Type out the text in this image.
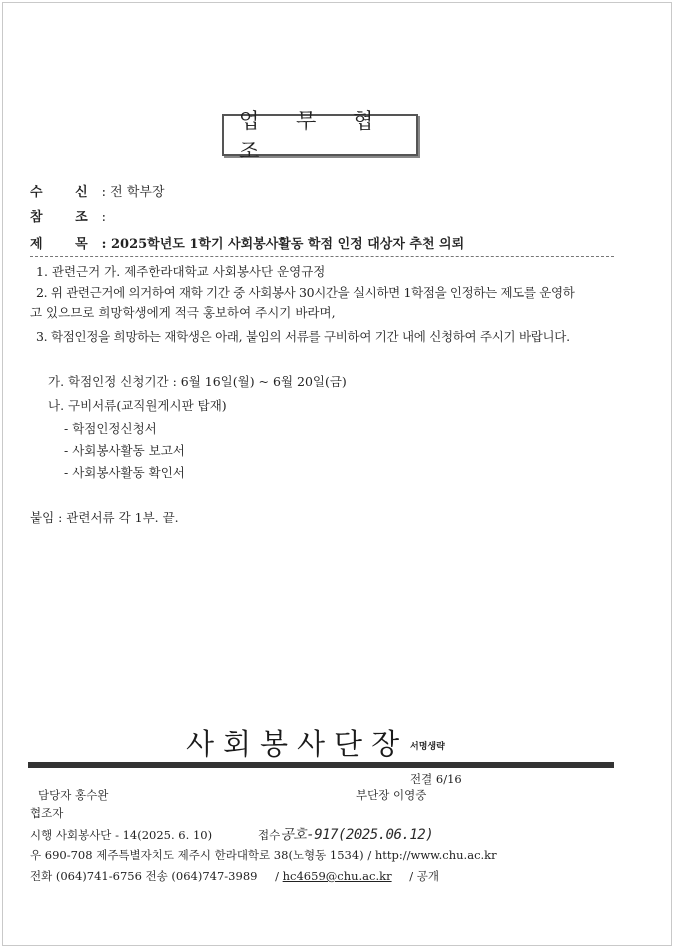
업 무 협 조
수 신: 전 학부장
참 조:
제 목: 2025학년도 1학기 사회봉사활동 학점 인정 대상자 추천 의뢰
1. 관련근거 가. 제주한라대학교 사회봉사단 운영규정
2. 위 관련근거에 의거하여 재학 기간 중 사회봉사 30시간을 실시하면 1학점을 인정하는 제도를 운영하
고 있으므로 희망학생에게 적극 홍보하여 주시기 바라며,
3. 학점인정을 희망하는 재학생은 아래, 붙임의 서류를 구비하여 기간 내에 신청하여 주시기 바랍니다.
가. 학점인정 신청기간 : 6월 16일(월) ~ 6월 20일(금)
나. 구비서류(교직원게시판 탑재)
- 학점인정신청서
- 사회봉사활동 보고서
- 사회봉사활동 확인서
붙임 : 관련서류 각 1부. 끝.
사회봉사단장 서명생략
전결 6/16
담당자 홍수완	부단장 이영중
협조자
시행 사회봉사단 - 14(2025. 6. 10)	접수공호-917(2025.06.12)
우 690-708 제주특별자치도 제주시 한라대학로 38(노형동 1534) / http://www.chu.ac.kr
전화 (064)741-6756 전송 (064)747-3989 / hc4659@chu.ac.kr / 공개
